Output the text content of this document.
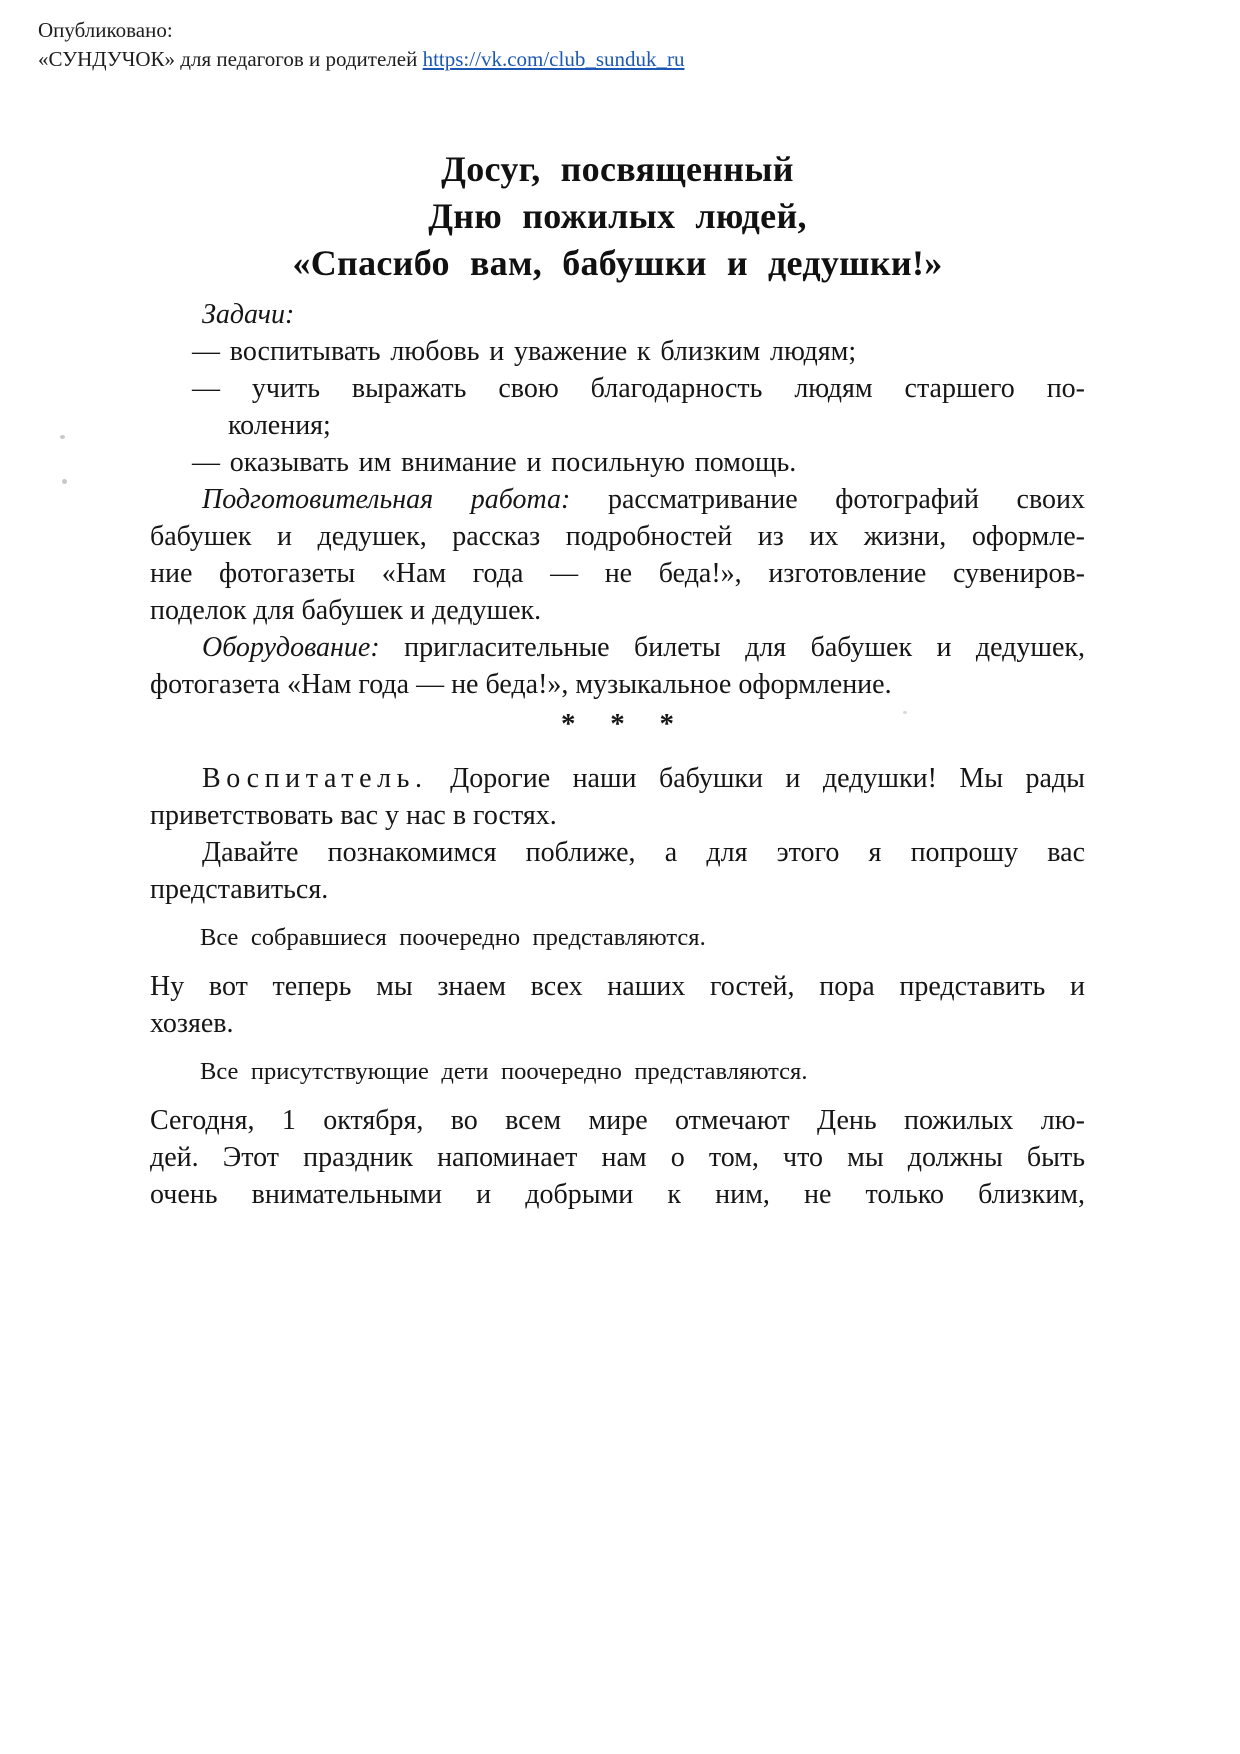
Опубликовано:
«СУНДУЧОК» для педагогов и родителей https://vk.com/club_sunduk_ru
Досуг, посвященный
Дню пожилых людей,
«Спасибо вам, бабушки и дедушки!»
Задачи:
— воспитывать любовь и уважение к близким людям;
— учить выражать свою благодарность людям старшего по-
коления;
— оказывать им внимание и посильную помощь.
Подготовительная работа: рассматривание фотографий своих
бабушек и дедушек, рассказ подробностей из их жизни, оформле-
ние фотогазеты «Нам года — не беда!», изготовление сувениров-
поделок для бабушек и дедушек.
Оборудование: пригласительные билеты для бабушек и дедушек,
фотогазета «Нам года — не беда!», музыкальное оформление.
* * *
Воспитатель. Дорогие наши бабушки и дедушки! Мы рады
приветствовать вас у нас в гостях.
Давайте познакомимся поближе, а для этого я попрошу вас
представиться.
Все собравшиеся поочередно представляются.
Ну вот теперь мы знаем всех наших гостей, пора представить и
хозяев.
Все присутствующие дети поочередно представляются.
Сегодня, 1 октября, во всем мире отмечают День пожилых лю-
дей. Этот праздник напоминает нам о том, что мы должны быть
очень внимательными и добрыми к ним, не только близким,
